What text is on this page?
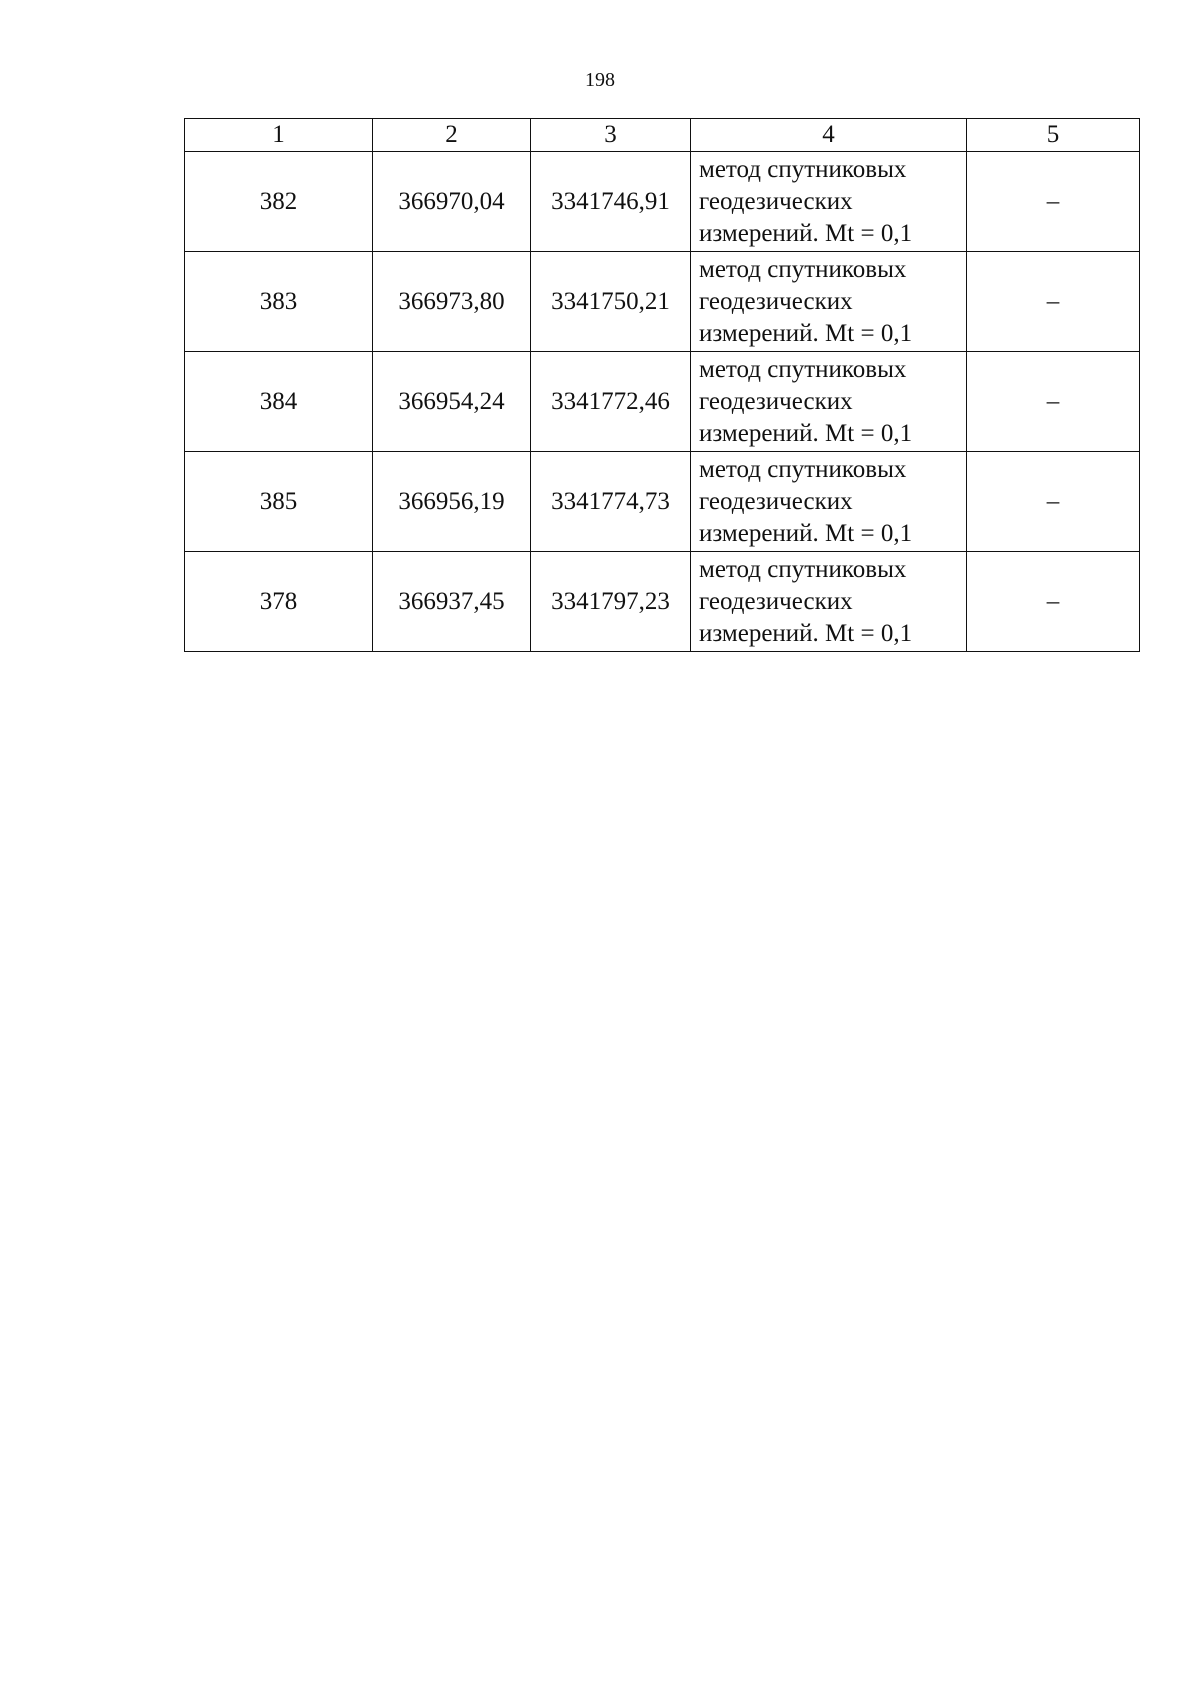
198
1	2	3	4	5
382	366970,04	3341746,91	метод спутниковых
геодезических
измерений. Mt = 0,1	–
383	366973,80	3341750,21	метод спутниковых
геодезических
измерений. Mt = 0,1	–
384	366954,24	3341772,46	метод спутниковых
геодезических
измерений. Mt = 0,1	–
385	366956,19	3341774,73	метод спутниковых
геодезических
измерений. Mt = 0,1	–
378	366937,45	3341797,23	метод спутниковых
геодезических
измерений. Mt = 0,1	–
